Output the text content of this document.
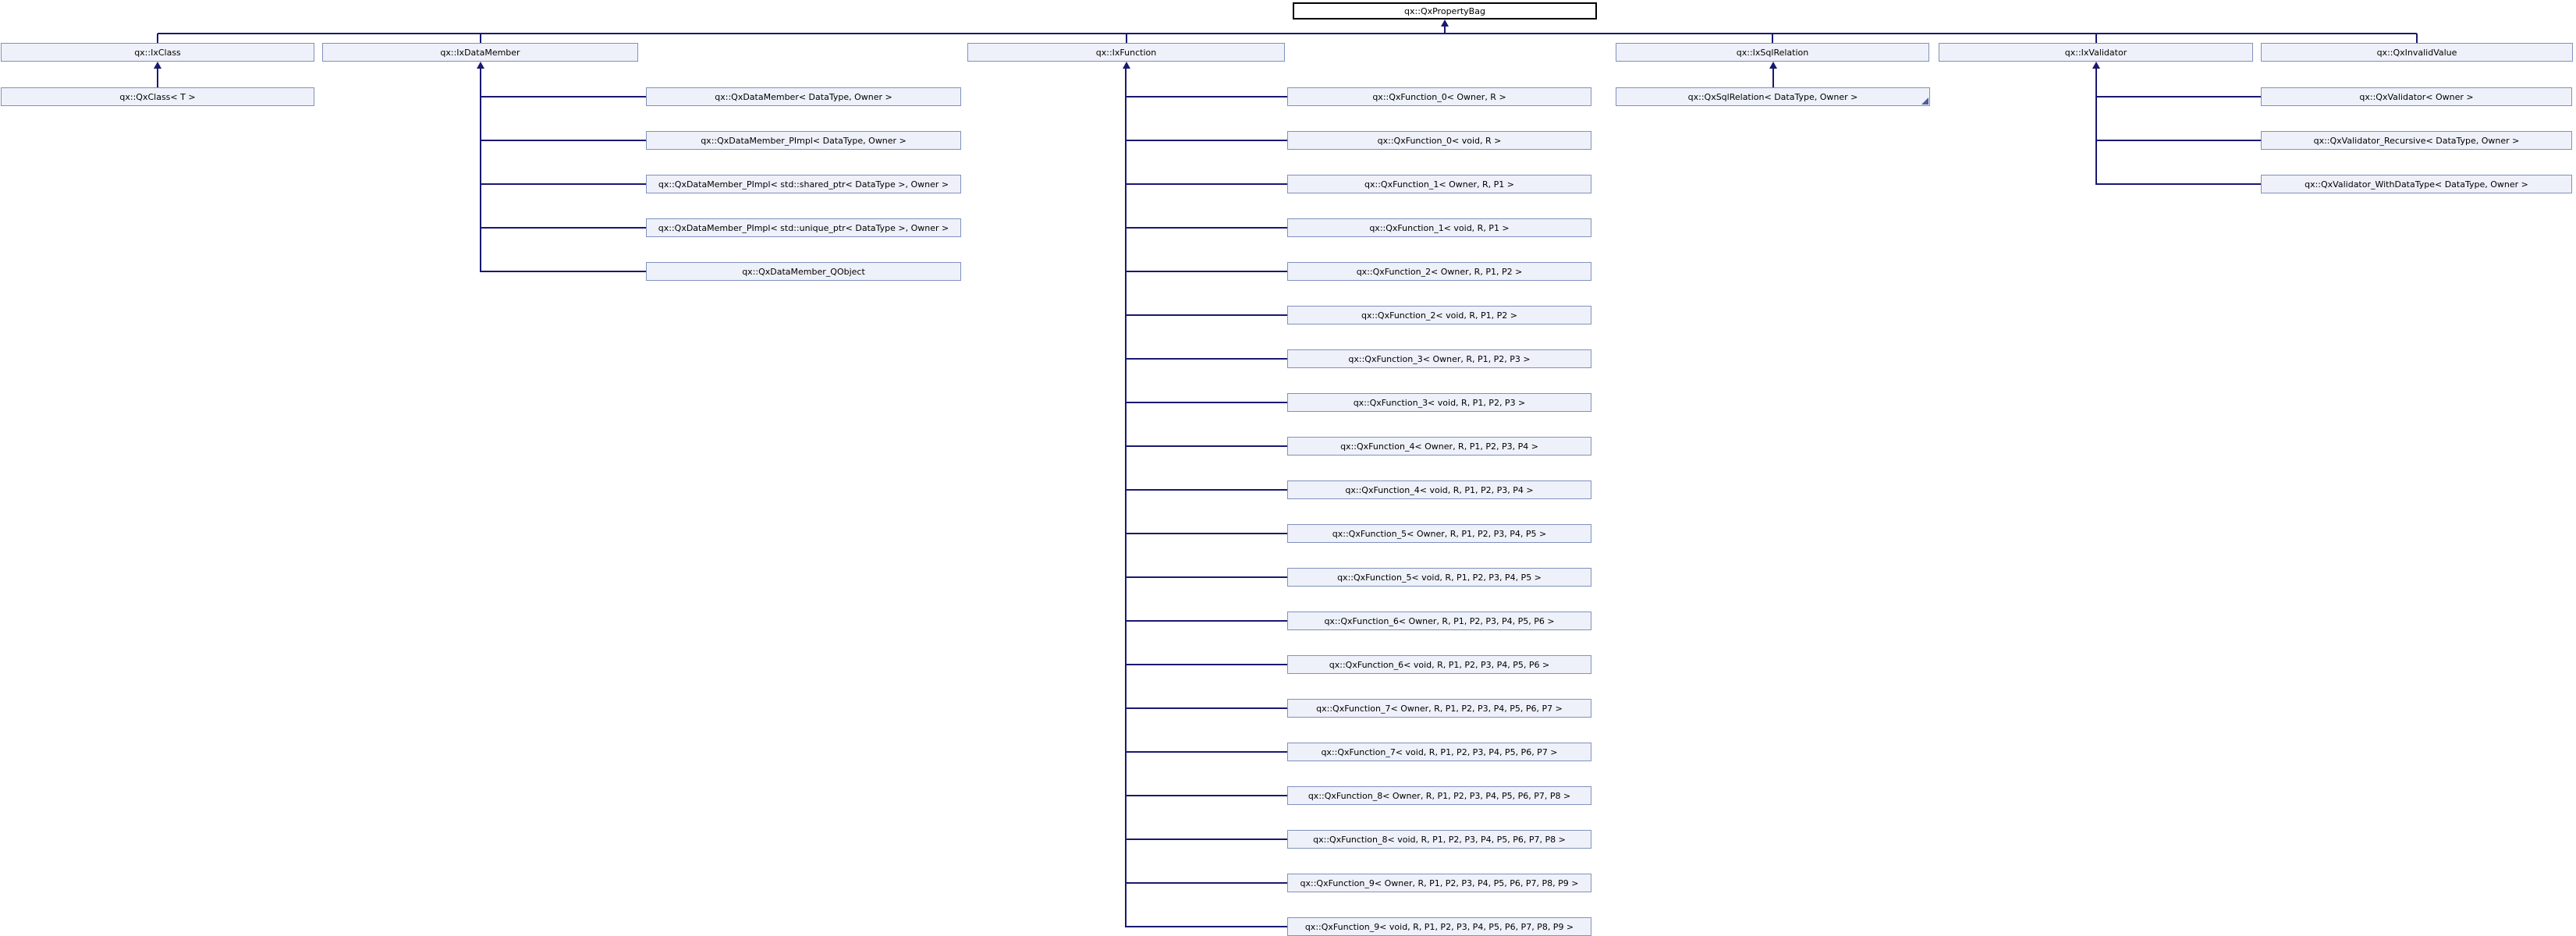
qx::QxPropertyBag
qx::IxClass
qx::QxClass< T >
qx::IxDataMember
qx::QxDataMember< DataType, Owner >
qx::QxDataMember_PImpl< DataType, Owner >
qx::QxDataMember_PImpl< std::shared_ptr< DataType >, Owner >
qx::QxDataMember_PImpl< std::unique_ptr< DataType >, Owner >
qx::QxDataMember_QObject
qx::IxFunction
qx::QxFunction_0< Owner, R >
qx::QxFunction_0< void, R >
qx::QxFunction_1< Owner, R, P1 >
qx::QxFunction_1< void, R, P1 >
qx::QxFunction_2< Owner, R, P1, P2 >
qx::QxFunction_2< void, R, P1, P2 >
qx::QxFunction_3< Owner, R, P1, P2, P3 >
qx::QxFunction_3< void, R, P1, P2, P3 >
qx::QxFunction_4< Owner, R, P1, P2, P3, P4 >
qx::QxFunction_4< void, R, P1, P2, P3, P4 >
qx::QxFunction_5< Owner, R, P1, P2, P3, P4, P5 >
qx::QxFunction_5< void, R, P1, P2, P3, P4, P5 >
qx::QxFunction_6< Owner, R, P1, P2, P3, P4, P5, P6 >
qx::QxFunction_6< void, R, P1, P2, P3, P4, P5, P6 >
qx::QxFunction_7< Owner, R, P1, P2, P3, P4, P5, P6, P7 >
qx::QxFunction_7< void, R, P1, P2, P3, P4, P5, P6, P7 >
qx::QxFunction_8< Owner, R, P1, P2, P3, P4, P5, P6, P7, P8 >
qx::QxFunction_8< void, R, P1, P2, P3, P4, P5, P6, P7, P8 >
qx::QxFunction_9< Owner, R, P1, P2, P3, P4, P5, P6, P7, P8, P9 >
qx::QxFunction_9< void, R, P1, P2, P3, P4, P5, P6, P7, P8, P9 >
qx::IxSqlRelation
qx::QxSqlRelation< DataType, Owner >
qx::IxValidator
qx::QxValidator< Owner >
qx::QxValidator_Recursive< DataType, Owner >
qx::QxValidator_WithDataType< DataType, Owner >
qx::QxInvalidValue
